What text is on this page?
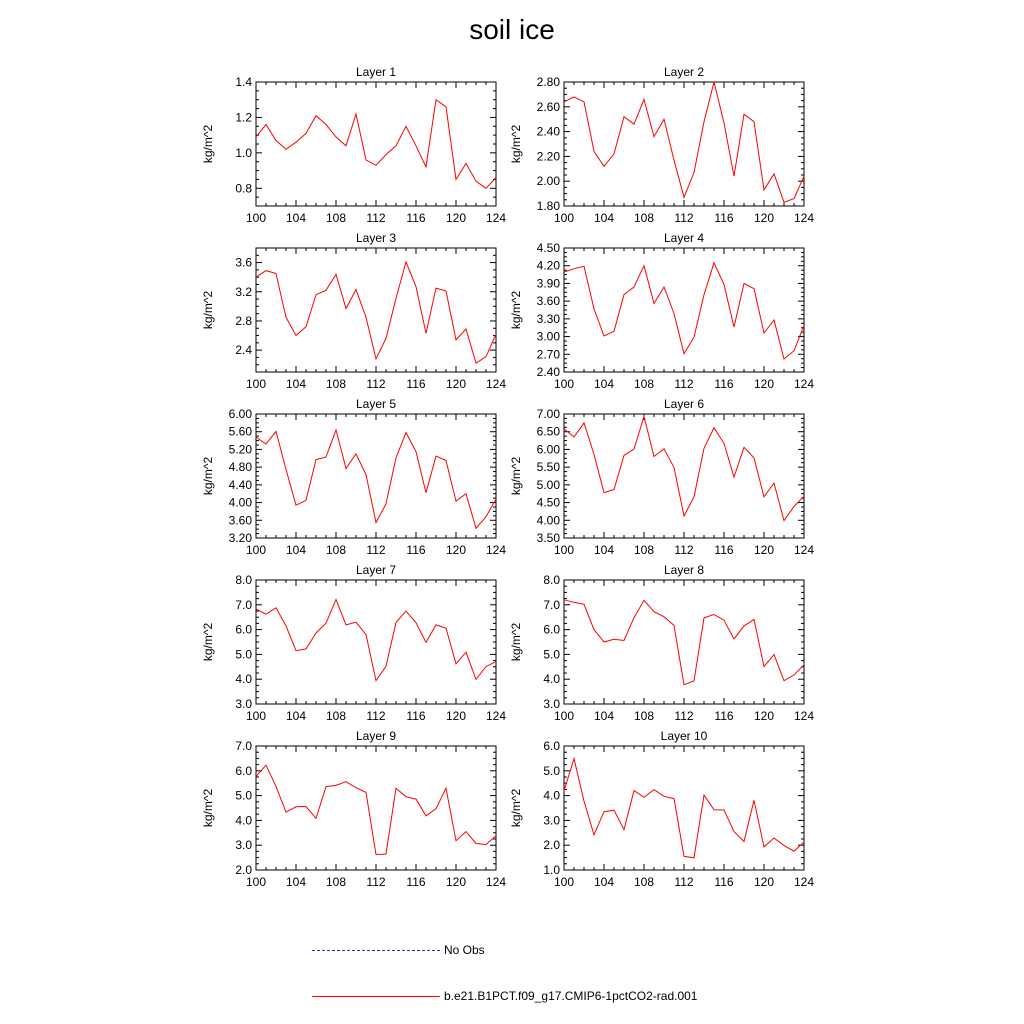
soil ice
Layer 1
kg/m^2
100 104 108 112 116 120 124
0.8
1.0
1.2
1.4
Layer 2
kg/m^2
100 104 108 112 116 120 124
1.80
2.00
2.20
2.40
2.60
2.80
Layer 3
kg/m^2
100 104 108 112 116 120 124
2.4
2.8
3.2
3.6
Layer 4
kg/m^2
100 104 108 112 116 120 124
2.40
2.70
3.00
3.30
3.60
3.90
4.20
4.50
Layer 5
kg/m^2
100 104 108 112 116 120 124
3.20
3.60
4.00
4.40
4.80
5.20
5.60
6.00
Layer 6
kg/m^2
100 104 108 112 116 120 124
3.50
4.00
4.50
5.00
5.50
6.00
6.50
7.00
Layer 7
kg/m^2
100 104 108 112 116 120 124
3.0
4.0
5.0
6.0
7.0
8.0
Layer 8
kg/m^2
100 104 108 112 116 120 124
3.0
4.0
5.0
6.0
7.0
8.0
Layer 9
kg/m^2
100 104 108 112 116 120 124
2.0
3.0
4.0
5.0
6.0
7.0
Layer 10
kg/m^2
100 104 108 112 116 120 124
1.0
2.0
3.0
4.0
5.0
6.0
No Obs
b.e21.B1PCT.f09_g17.CMIP6-1pctCO2-rad.001
